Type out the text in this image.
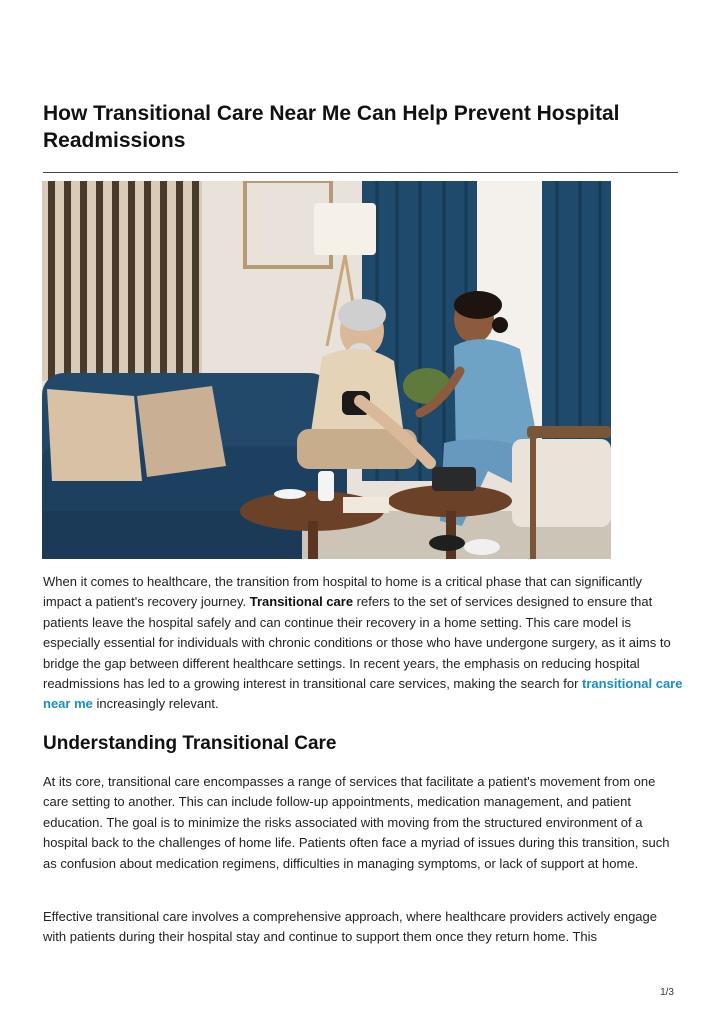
How Transitional Care Near Me Can Help Prevent Hospital Readmissions

When it comes to healthcare, the transition from hospital to home is a critical phase that can significantly impact a patient's recovery journey. Transitional care refers to the set of services designed to ensure that patients leave the hospital safely and can continue their recovery in a home setting. This care model is especially essential for individuals with chronic conditions or those who have undergone surgery, as it aims to bridge the gap between different healthcare settings. In recent years, the emphasis on reducing hospital readmissions has led to a growing interest in transitional care services, making the search for transitional care near me increasingly relevant.

Understanding Transitional Care

At its core, transitional care encompasses a range of services that facilitate a patient's movement from one care setting to another. This can include follow-up appointments, medication management, and patient education. The goal is to minimize the risks associated with moving from the structured environment of a hospital back to the challenges of home life. Patients often face a myriad of issues during this transition, such as confusion about medication regimens, difficulties in managing symptoms, or lack of support at home.

Effective transitional care involves a comprehensive approach, where healthcare providers actively engage with patients during their hospital stay and continue to support them once they return home. This

1/3
